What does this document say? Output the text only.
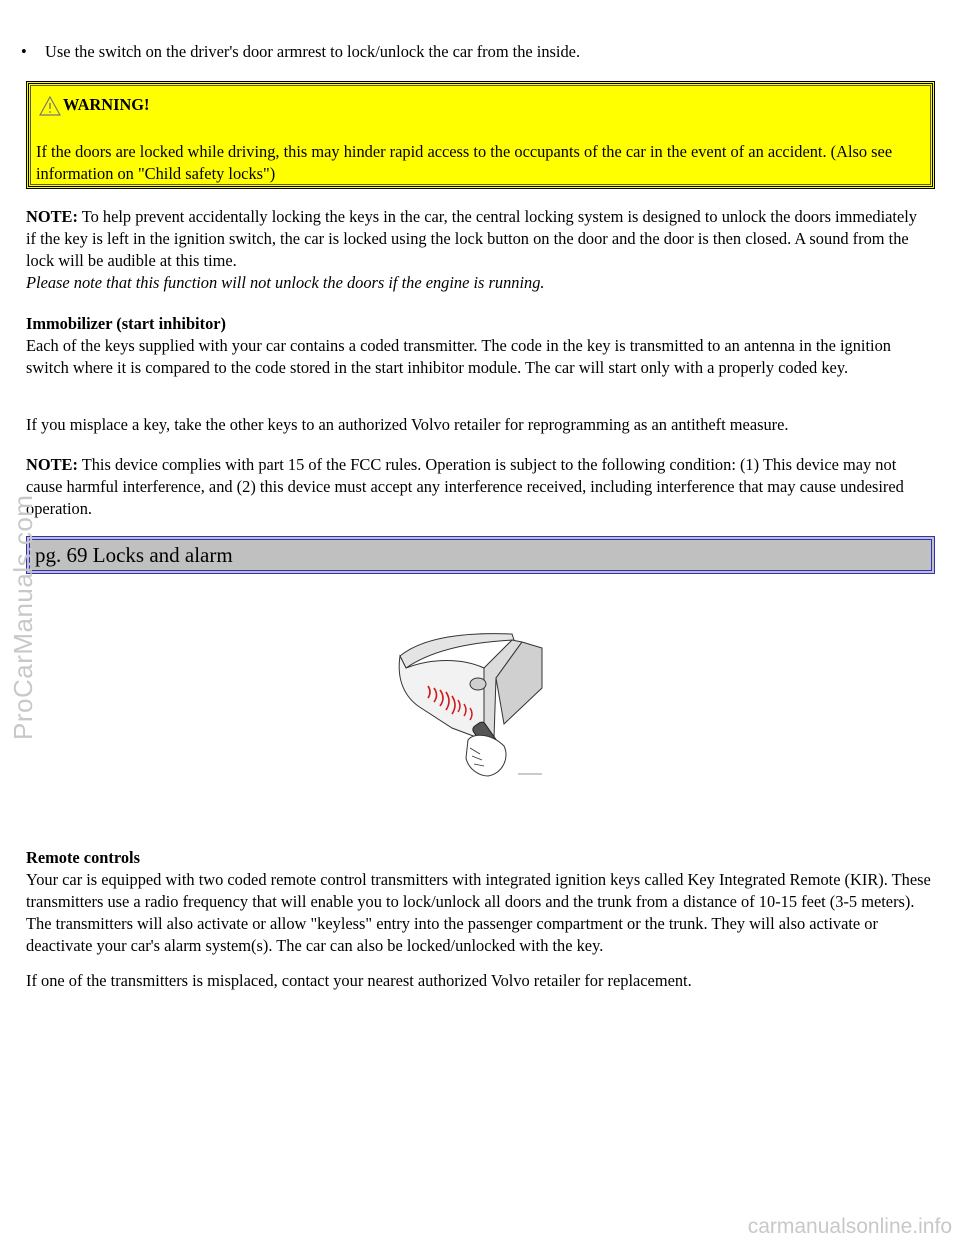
• Use the switch on the driver's door armrest to lock/unlock the car from the inside.
WARNING!

If the doors are locked while driving, this may hinder rapid access to the occupants of the car in the event of an accident. (Also see information on "Child safety locks")

NOTE: To help prevent accidentally locking the keys in the car, the central locking system is designed to unlock the doors immediately if the key is left in the ignition switch, the car is locked using the lock button on the door and the door is then closed. A sound from the lock will be audible at this time.
Please note that this function will not unlock the doors if the engine is running.
Immobilizer (start inhibitor)
Each of the keys supplied with your car contains a coded transmitter. The code in the key is transmitted to an antenna in the ignition switch where it is compared to the code stored in the start inhibitor module. The car will start only with a properly coded key.

If you misplace a key, take the other keys to an authorized Volvo retailer for reprogramming as an antitheft measure.

NOTE: This device complies with part 15 of the FCC rules. Operation is subject to the following condition: (1) This device may not cause harmful interference, and (2) this device must accept any interference received, including interference that may cause undesired operation.
pg. 69 Locks and alarm
Remote controls
Your car is equipped with two coded remote control transmitters with integrated ignition keys called Key Integrated Remote (KIR). These transmitters use a radio frequency that will enable you to lock/unlock all doors and the trunk from a distance of 10-15 feet (3-5 meters). The transmitters will also activate or allow "keyless" entry into the passenger compartment or the trunk. They will also activate or deactivate your car's alarm system(s). The car can also be locked/unlocked with the key.

If one of the transmitters is misplaced, contact your nearest authorized Volvo retailer for replacement.

ProCarManuals.com
carmanualsonline.info
